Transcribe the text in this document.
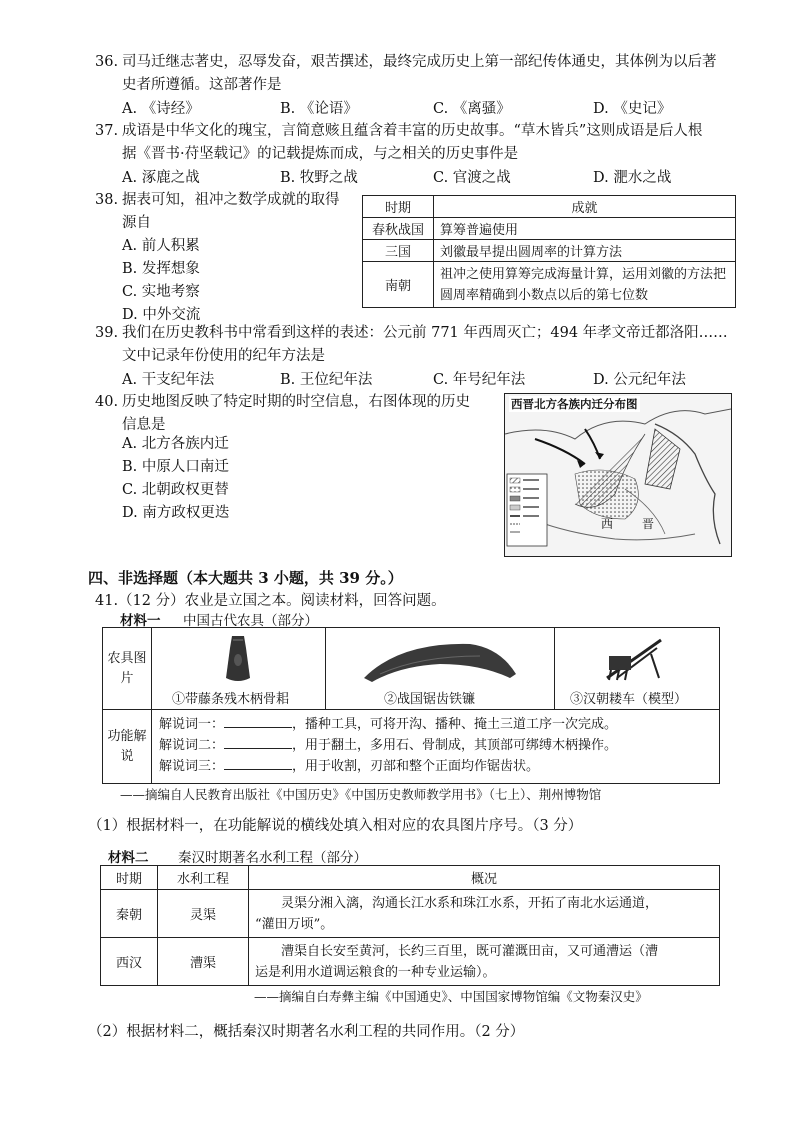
36. 司马迁继志著史，忍辱发奋，艰苦撰述，最终完成历史上第一部纪传体通史，其体例为以后著
史者所遵循。这部著作是
A. 《诗经》	B. 《论语》	C. 《离骚》	D. 《史记》
37. 成语是中华文化的瑰宝，言简意赅且蕴含着丰富的历史故事。“草木皆兵”这则成语是后人根
据《晋书·苻坚载记》的记载提炼而成，与之相关的历史事件是
A. 涿鹿之战	B. 牧野之战	C. 官渡之战	D. 淝水之战
38. 据表可知，祖冲之数学成就的取得
源自
A. 前人积累
B. 发挥想象
C. 实地考察
D. 中外交流
时期	成就
春秋战国	算筹普遍使用
三国	刘徽最早提出圆周率的计算方法
南朝	祖冲之使用算筹完成海量计算，运用刘徽的方法把圆周率精确到小数点以后的第七位数
39. 我们在历史教科书中常看到这样的表述：公元前 771 年西周灭亡；494 年孝文帝迁都洛阳……
文中记录年份使用的纪年方法是
A. 干支纪年法	B. 王位纪年法	C. 年号纪年法	D. 公元纪年法
40. 历史地图反映了特定时期的时空信息，右图体现的历史
信息是
A. 北方各族内迁
B. 中原人口南迁
C. 北朝政权更替
D. 南方政权更迭
西晋北方各族内迁分布图
西 晋
四、非选择题（本大题共 3 小题，共 39 分。）
41.（12 分）农业是立国之本。阅读材料，回答问题。
材料一 中国古代农具（部分）
农具图片
①带藤条残木柄骨耜	②战国锯齿铁镰	③汉朝耧车（模型）
功能解说
解说词一：	，播种工具，可将开沟、播种、掩土三道工序一次完成。
解说词二：	，用于翻土，多用石、骨制成，其顶部可绑缚木柄操作。
解说词三：	，用于收割，刃部和整个正面均作锯齿状。
——摘编自人民教育出版社《中国历史》《中国历史教师教学用书》（七上）、荆州博物馆
（1）根据材料一，在功能解说的横线处填入相对应的农具图片序号。（3 分）
材料二 秦汉时期著名水利工程（部分）
时期	水利工程	概况
秦朝	灵渠	灵渠分湘入漓，沟通长江水系和珠江水系，开拓了南北水运通道，
“灌田万顷”。

西汉	漕渠	漕渠自长安至黄河，长约三百里，既可灌溉田亩，又可通漕运（漕
运是利用水道调运粮食的一种专业运输）。
——摘编自白寿彝主编《中国通史》、中国国家博物馆编《文物秦汉史》
（2）根据材料二，概括秦汉时期著名水利工程的共同作用。（2 分）
